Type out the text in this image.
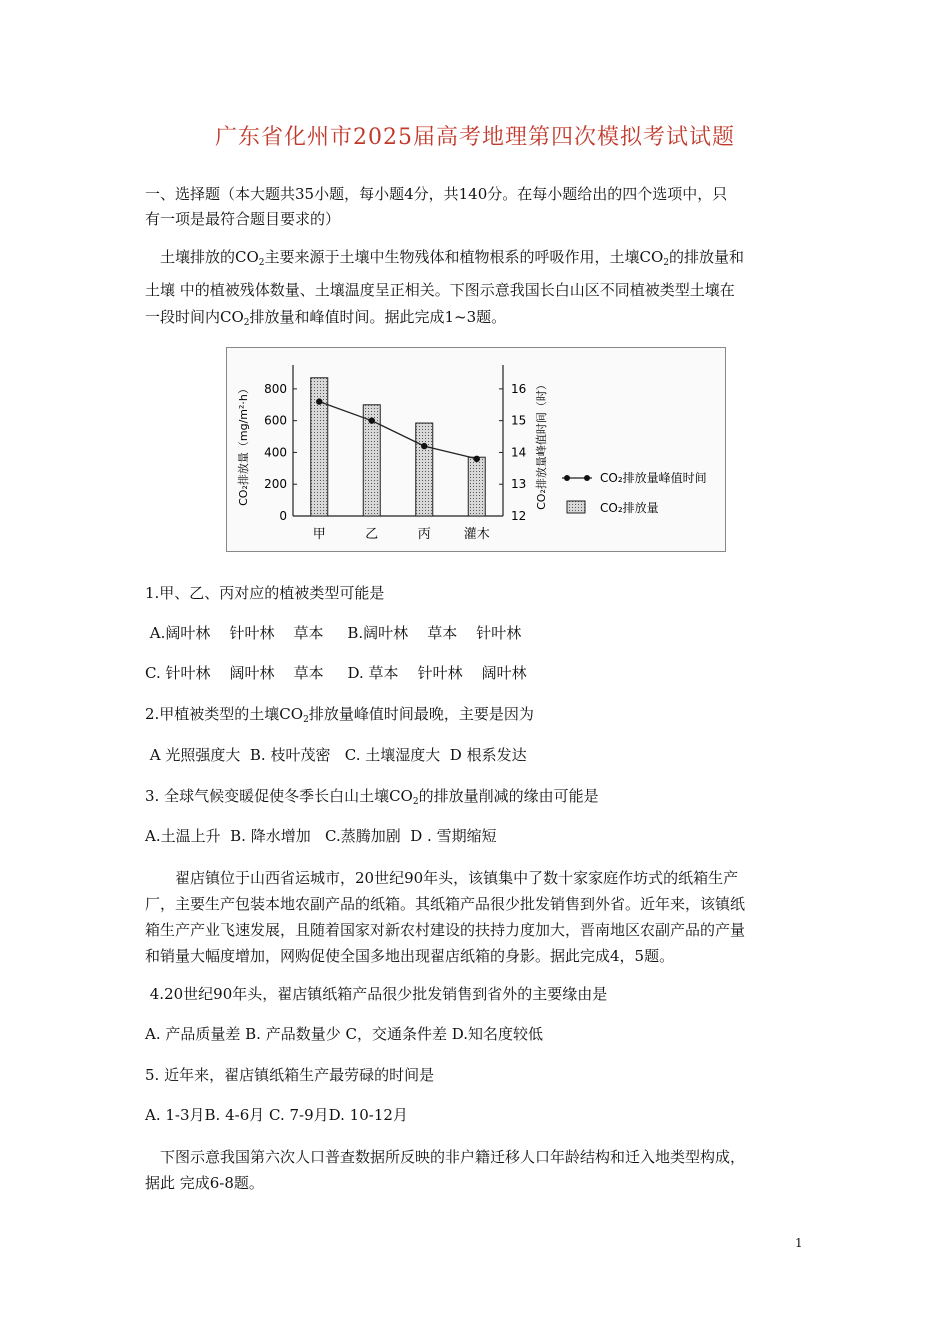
广东省化州市2025届高考地理第四次模拟考试试题
一、选择题（本大题共35小题，每小题4分，共140分。在每小题给出的四个选项中，只
有一项是最符合题目要求的）
土壤排放的$CO_2$主要来源于土壤中生物残体和植物根系的呼吸作用，土壤$CO_2$的排放量和
土壤 中的植被残体数量、土壤温度呈正相关。下图示意我国长白山区不同植被类型土壤在
一段时间内$CO_2$排放量和峰值时间。据此完成1~3题。
0
200
400
600
800
12
13
14
15
16
CO₂排放量（mg/m²·h）	CO₂排放量峰值时间（时）
甲	乙	丙	灌木
CO₂排放量峰值时间
CO₂排放量
1.甲、乙、丙对应的植被类型可能是
A.阔叶林    针叶林    草本     B.阔叶林    草本    针叶林
C. 针叶林    阔叶林    草本     D. 草本    针叶林    阔叶林
2.甲植被类型的土壤$CO_2$排放量峰值时间最晚，主要是因为
A 光照强度大  B. 枝叶茂密   C. 土壤湿度大  D 根系发达
3. 全球气候变暖促使冬季长白山土壤$CO_2$的排放量削减的缘由可能是
A.土温上升  B. 降水增加   C.蒸腾加剧  D . 雪期缩短
翟店镇位于山西省运城市，20世纪90年头，该镇集中了数十家家庭作坊式的纸箱生产
厂，主要生产包装本地农副产品的纸箱。其纸箱产品很少批发销售到外省。近年来，该镇纸
箱生产产业飞速发展，且随着国家对新农村建设的扶持力度加大，晋南地区农副产品的产量
和销量大幅度增加，网购促使全国多地出现翟店纸箱的身影。据此完成4，5题。
4.20世纪90年头，翟店镇纸箱产品很少批发销售到省外的主要缘由是
A. 产品质量差 B. 产品数量少 C，交通条件差 D.知名度较低
5. 近年来，翟店镇纸箱生产最劳碌的时间是
A. 1-3月B. 4-6月 C. 7-9月D. 10-12月
下图示意我国第六次人口普查数据所反映的非户籍迁移人口年龄结构和迁入地类型构成，
据此 完成6-8题。
1
